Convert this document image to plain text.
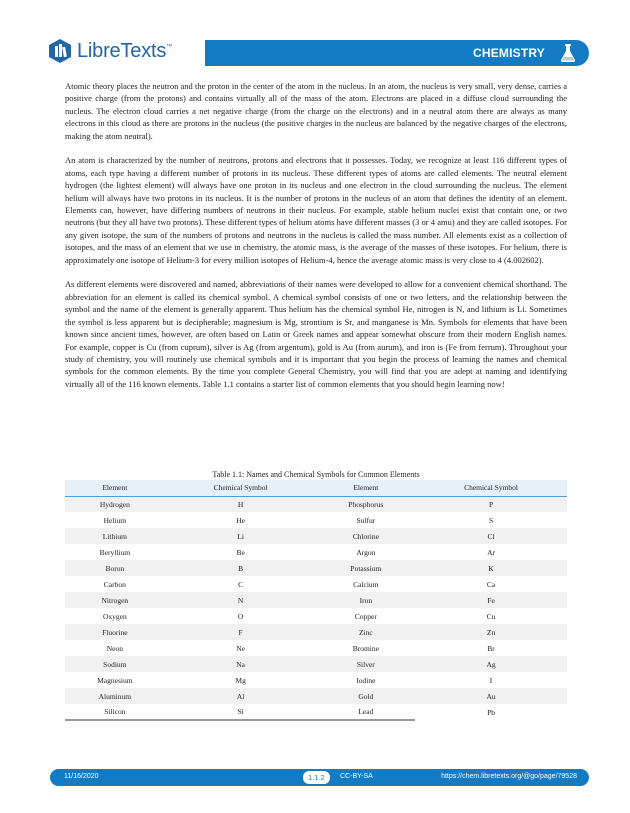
LibreTexts™	CHEMISTRY

Atomic theory places the neutron and the proton in the center of the atom in the nucleus. In an atom, the nucleus is very small, very dense, carries a positive charge (from the protons) and contains virtually all of the mass of the atom. Electrons are placed in a diffuse cloud surrounding the nucleus. The electron cloud carries a net negative charge (from the charge on the electrons) and in a neutral atom there are always as many electrons in this cloud as there are protons in the nucleus (the positive charges in the nucleus are balanced by the negative charges of the electrons, making the atom neutral).

An atom is characterized by the number of neutrons, protons and electrons that it possesses. Today, we recognize at least 116 different types of atoms, each type having a different number of protons in its nucleus. These different types of atoms are called elements. The neutral element hydrogen (the lightest element) will always have one proton in its nucleus and one electron in the cloud surrounding the nucleus. The element helium will always have two protons in its nucleus. It is the number of protons in the nucleus of an atom that defines the identity of an element. Elements can, however, have differing numbers of neutrons in their nucleus. For example, stable helium nuclei exist that contain one, or two neutrons (but they all have two protons). These different types of helium atoms have different masses (3 or 4 amu) and they are called isotopes. For any given isotope, the sum of the numbers of protons and neutrons in the nucleus is called the mass number. All elements exist as a collection of isotopes, and the mass of an element that we use in chemistry, the atomic mass, is the average of the masses of these isotopes. For helium, there is approximately one isotope of Helium-3 for every million isotopes of Helium-4, hence the average atomic mass is very close to 4 (4.002602).

As different elements were discovered and named, abbreviations of their names were developed to allow for a convenient chemical shorthand. The abbreviation for an element is called its chemical symbol. A chemical symbol consists of one or two letters, and the relationship between the symbol and the name of the element is generally apparent. Thus helium has the chemical symbol He, nitrogen is N, and lithium is Li. Sometimes the symbol is less apparent but is decipherable; magnesium is Mg, strontium is Sr, and manganese is Mn. Symbols for elements that have been known since ancient times, however, are often based on Latin or Greek names and appear somewhat obscure from their modern English names. For example, copper is Cu (from cuprum), silver is Ag (from argentum), gold is Au (from aurum), and iron is (Fe from ferrum). Throughout your study of chemistry, you will routinely use chemical symbols and it is important that you begin the process of learning the names and chemical symbols for the common elements. By the time you complete General Chemistry, you will find that you are adept at naming and identifying virtually all of the 116 known elements. Table 1.1 contains a starter list of common elements that you should begin learning now!

Table 1.1: Names and Chemical Symbols for Common Elements
Element	Chemical Symbol	Element	Chemical Symbol
Hydrogen	H	Phosphorus	P
Helium	He	Sulfur	S
Lithium	Li	Chlorine	Cl
Beryllium	Be	Argon	Ar
Boron	B	Potassium	K
Carbon	C	Calcium	Ca
Nitrogen	N	Iron	Fe
Oxygen	O	Copper	Cu
Fluorine	F	Zinc	Zn
Neon	Ne	Bromine	Br
Sodium	Na	Silver	Ag
Magnesium	Mg	Iodine	I
Aluminum	Al	Gold	Au
Silicon	Si	Lead	Pb
11/16/2020	1.1.2	CC-BY-SA	https://chem.libretexts.org/@go/page/79528
